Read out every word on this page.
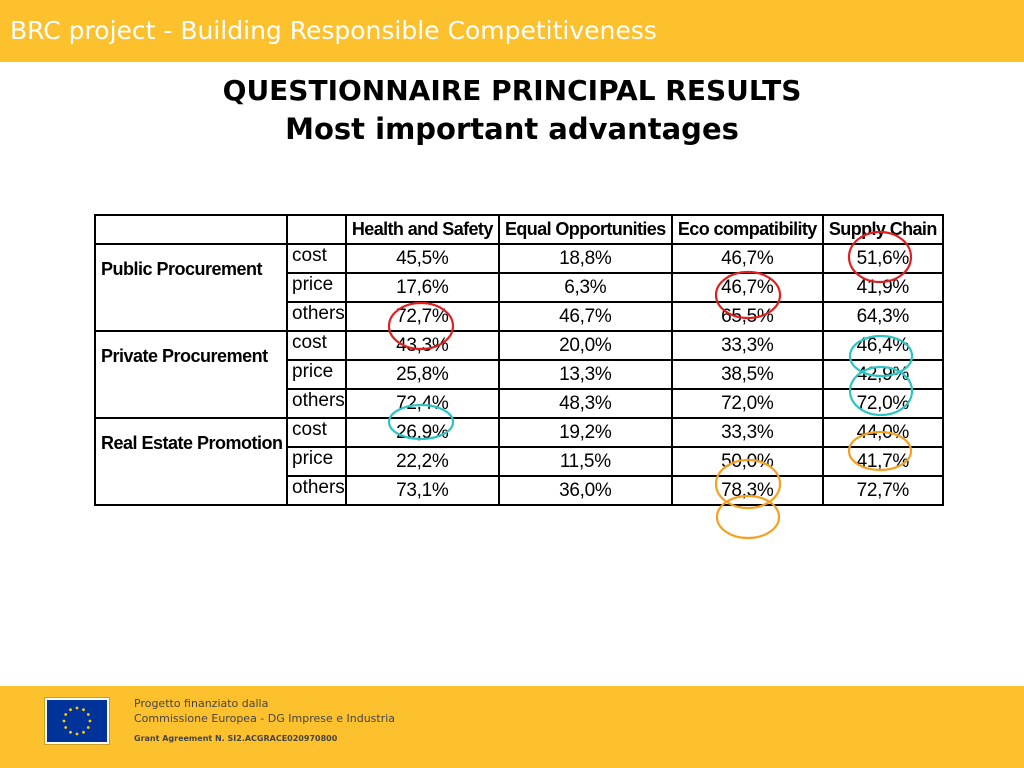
BRC project - Building Responsible Competitiveness
QUESTIONNAIRE PRINCIPAL RESULTS
Most important advantages
		Health and Safety	Equal Opportunities	Eco compatibility	Supply Chain
Public Procurement	cost	45,5%	18,8%	46,7%	51,6%
	price	17,6%	6,3%	46,7%	41,9%
	others	72,7%	46,7%	65,5%	64,3%
Private Procurement	cost	43,3%	20,0%	33,3%	46,4%
	price	25,8%	13,3%	38,5%	42,9%
	others	72,4%	48,3%	72,0%	72,0%
Real Estate Promotion	cost	26,9%	19,2%	33,3%	44,0%
	price	22,2%	11,5%	50,0%	41,7%
	others	73,1%	36,0%	78,3%	72,7%
Progetto finanziato dalla
Commissione Europea - DG Imprese e Industria
Grant Agreement N. SI2.ACGRACE020970800
